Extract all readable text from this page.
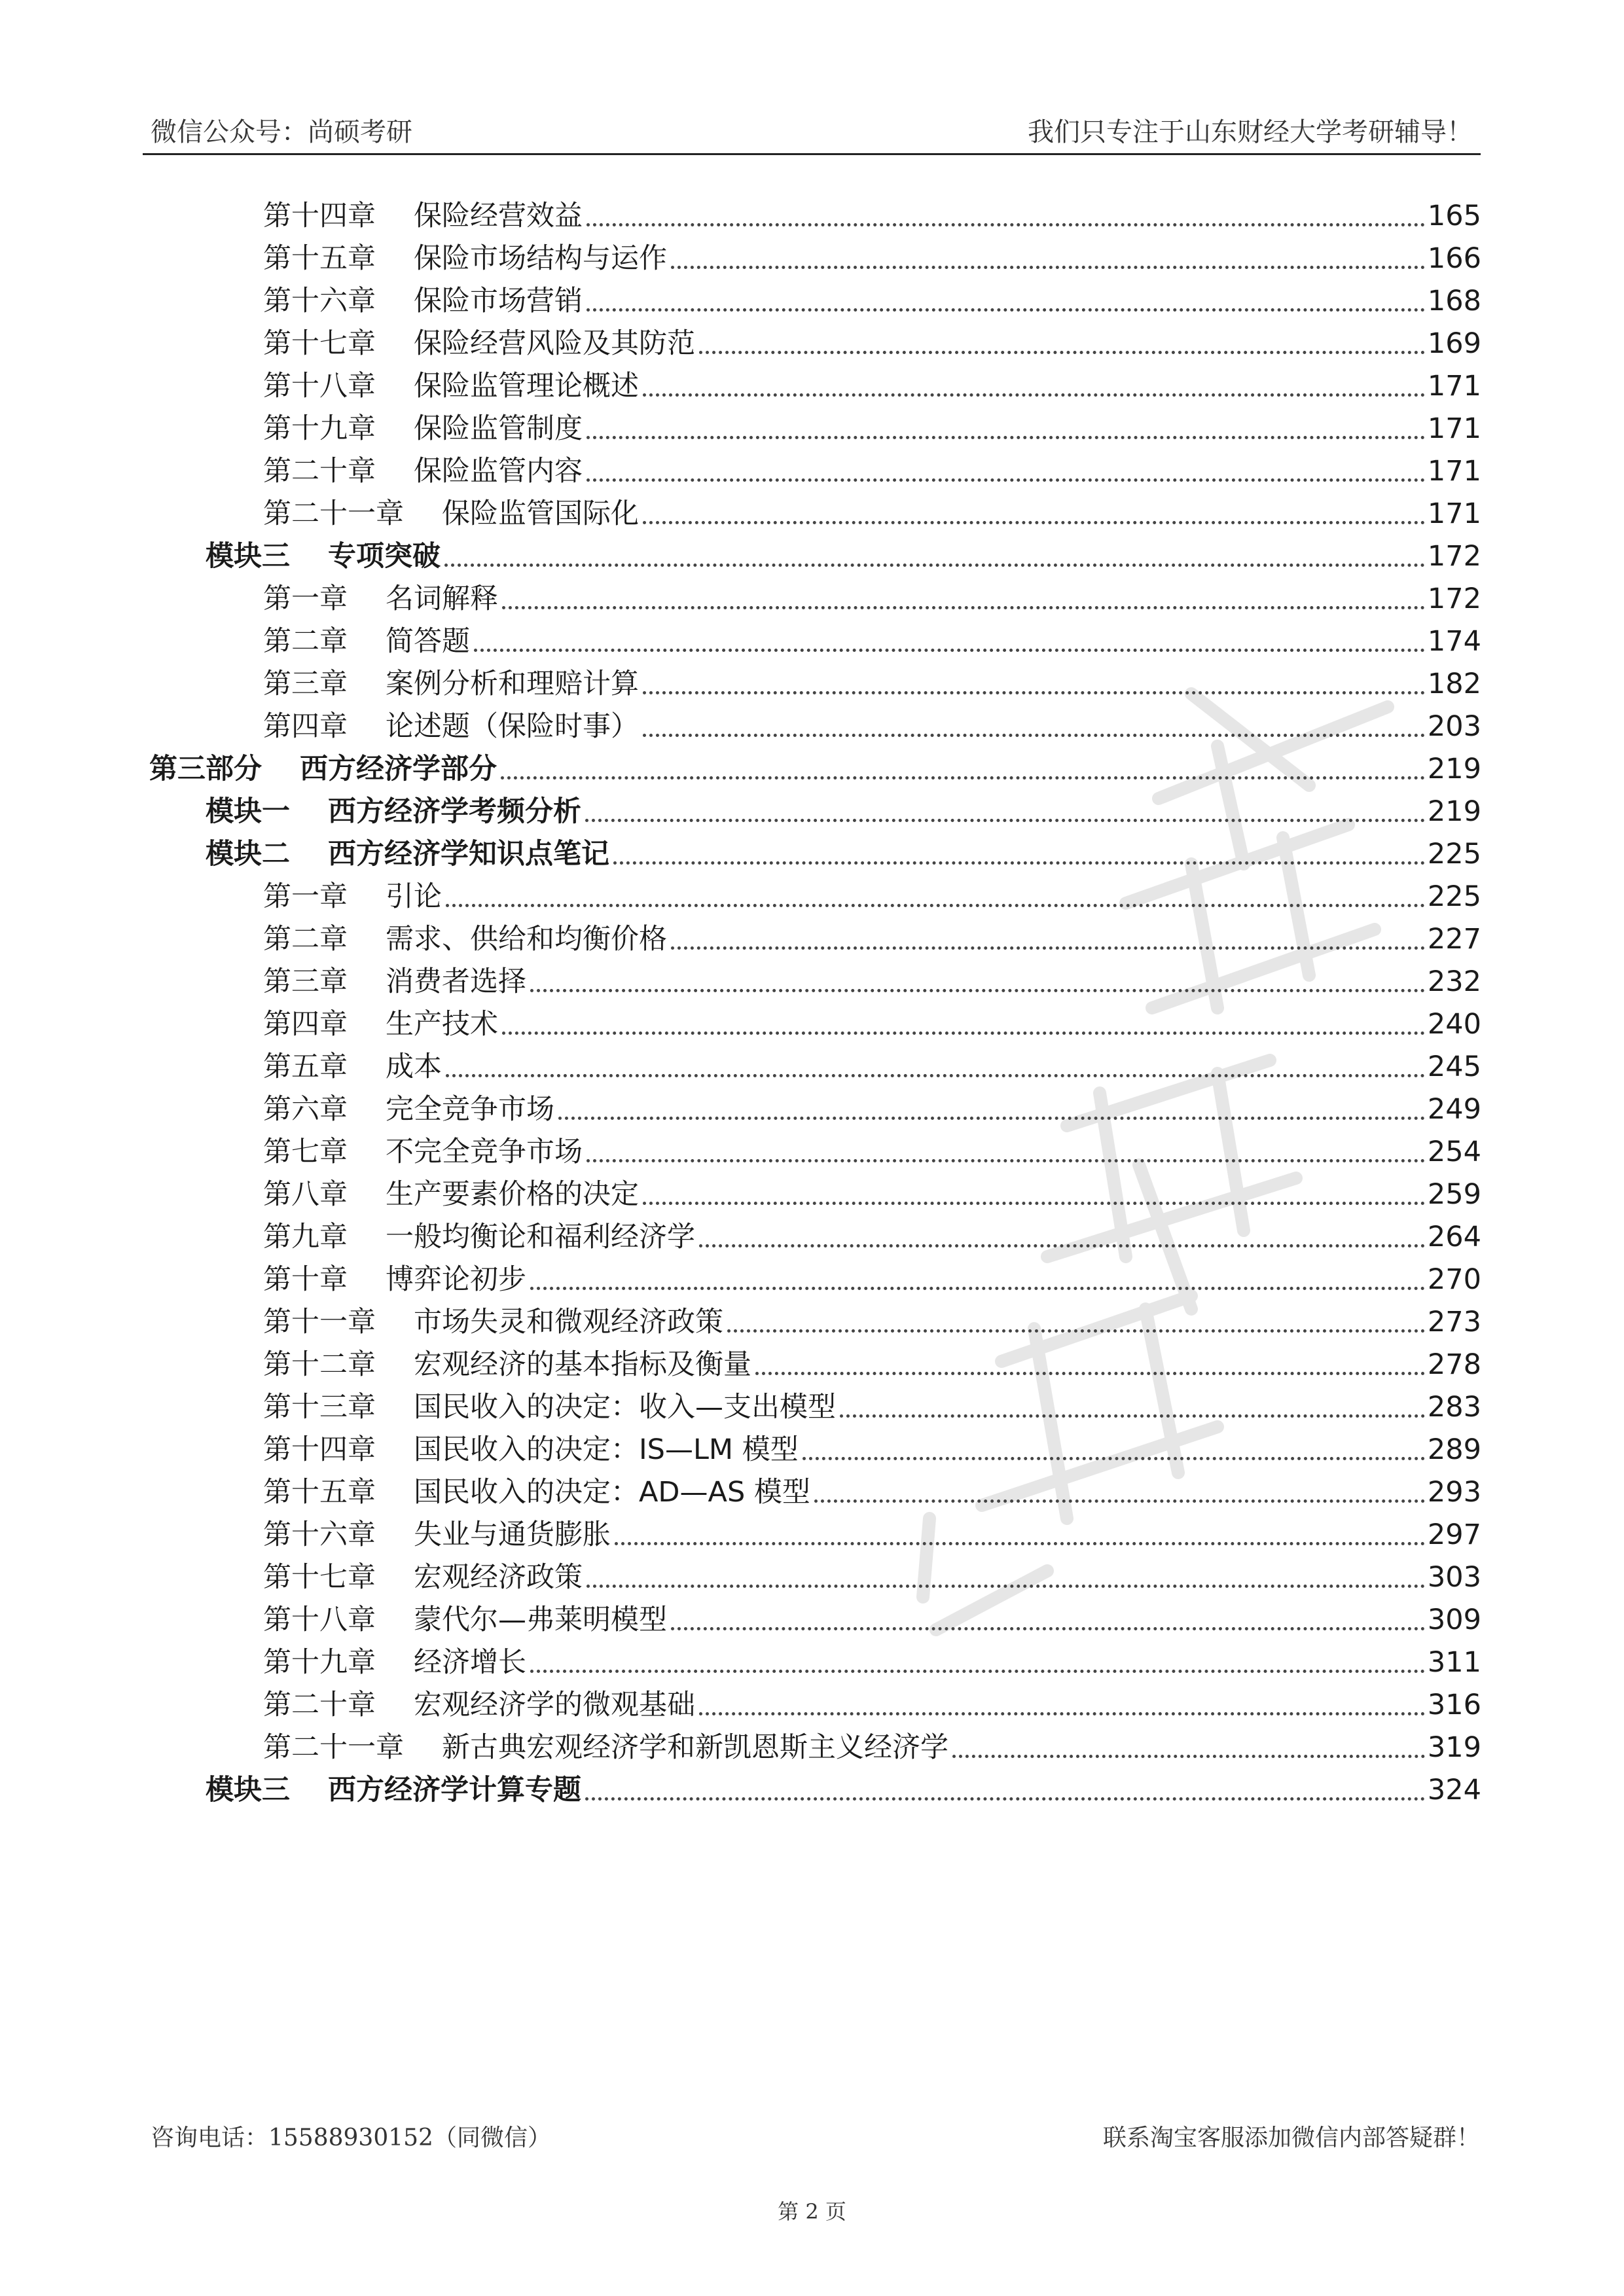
微信公众号：尚硕考研	我们只专注于山东财经大学考研辅导！
第十四章 保险经营效益	165
第十五章 保险市场结构与运作	166
第十六章 保险市场营销	168
第十七章 保险经营风险及其防范	169
第十八章 保险监管理论概述	171
第十九章 保险监管制度	171
第二十章 保险监管内容	171
第二十一章 保险监管国际化	171
模块三 专项突破	172
第一章 名词解释	172
第二章 简答题	174
第三章 案例分析和理赔计算	182
第四章 论述题（保险时事）	203
第三部分 西方经济学部分	219
模块一 西方经济学考频分析	219
模块二 西方经济学知识点笔记	225
第一章 引论	225
第二章 需求、供给和均衡价格	227
第三章 消费者选择	232
第四章 生产技术	240
第五章 成本	245
第六章 完全竞争市场	249
第七章 不完全竞争市场	254
第八章 生产要素价格的决定	259
第九章 一般均衡论和福利经济学	264
第十章 博弈论初步	270
第十一章 市场失灵和微观经济政策	273
第十二章 宏观经济的基本指标及衡量	278
第十三章 国民收入的决定：收入—支出模型	283
第十四章 国民收入的决定：IS—LM 模型	289
第十五章 国民收入的决定：AD—AS 模型	293
第十六章 失业与通货膨胀	297
第十七章 宏观经济政策	303
第十八章 蒙代尔—弗莱明模型	309
第十九章 经济增长	311
第二十章 宏观经济学的微观基础	316
第二十一章 新古典宏观经济学和新凯恩斯主义经济学	319
模块三 西方经济学计算专题	324
咨询电话：15588930152（同微信）	联系淘宝客服添加微信内部答疑群！
第 2 页
